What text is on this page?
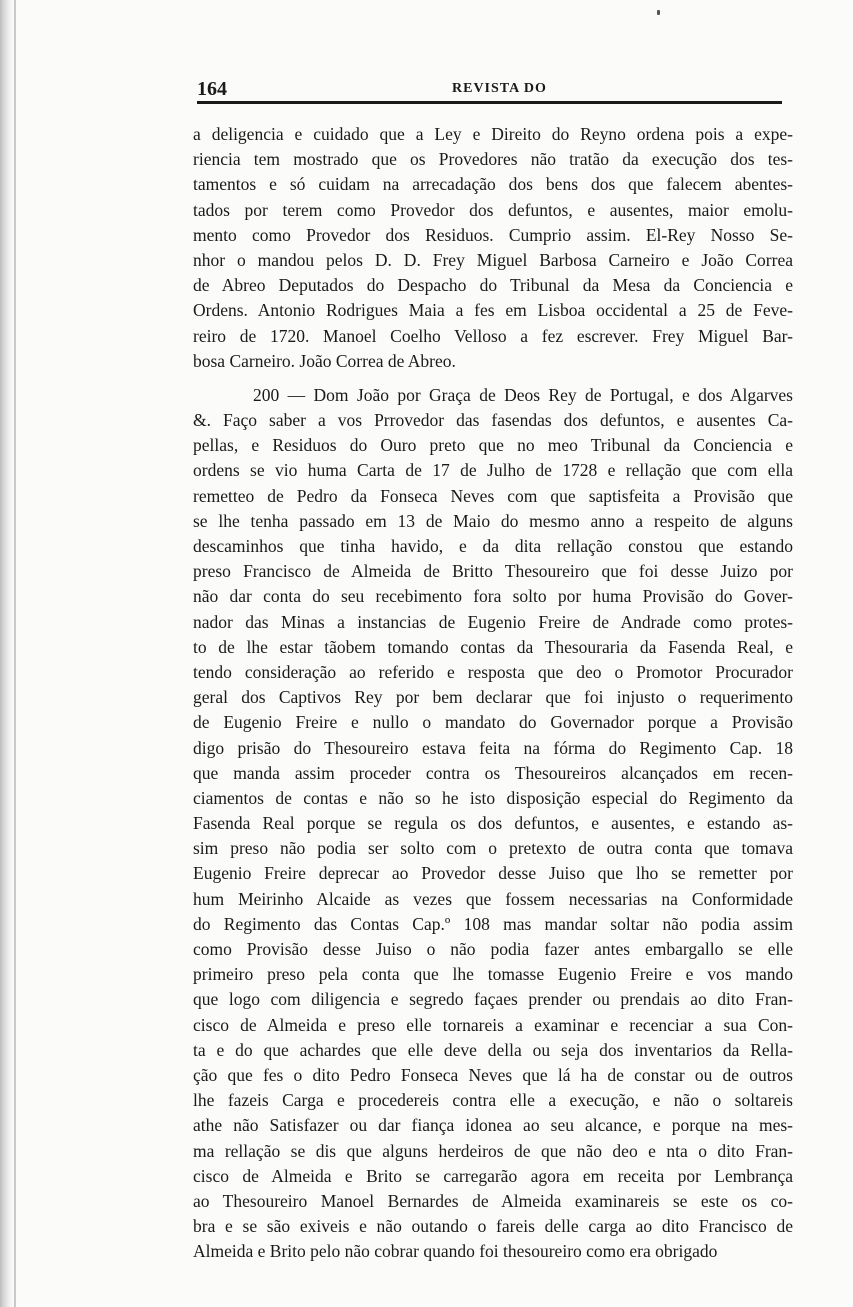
164	REVISTA DO
a deligencia e cuidado que a Ley e Direito do Reyno ordena pois a expe-
riencia tem mostrado que os Provedores não tratão da execução dos tes-
tamentos e só cuidam na arrecadação dos bens dos que falecem abentes-
tados por terem como Provedor dos defuntos, e ausentes, maior emolu-
mento como Provedor dos Residuos. Cumprio assim. El-Rey Nosso Se-
nhor o mandou pelos D. D. Frey Miguel Barbosa Carneiro e João Correa
de Abreo Deputados do Despacho do Tribunal da Mesa da Conciencia e
Ordens. Antonio Rodrigues Maia a fes em Lisboa occidental a 25 de Feve-
reiro de 1720. Manoel Coelho Velloso a fez escrever. Frey Miguel Bar-
bosa Carneiro. João Correa de Abreo.
200 — Dom João por Graça de Deos Rey de Portugal, e dos Algarves
&. Faço saber a vos Prrovedor das fasendas dos defuntos, e ausentes Ca-
pellas, e Residuos do Ouro preto que no meo Tribunal da Conciencia e
ordens se vio huma Carta de 17 de Julho de 1728 e rellação que com ella
remetteo de Pedro da Fonseca Neves com que saptisfeita a Provisão que
se lhe tenha passado em 13 de Maio do mesmo anno a respeito de alguns
descaminhos que tinha havido, e da dita rellação constou que estando
preso Francisco de Almeida de Britto Thesoureiro que foi desse Juizo por
não dar conta do seu recebimento fora solto por huma Provisão do Gover-
nador das Minas a instancias de Eugenio Freire de Andrade como protes-
to de lhe estar tãobem tomando contas da Thesouraria da Fasenda Real, e
tendo consideração ao referido e resposta que deo o Promotor Procurador
geral dos Captivos Rey por bem declarar que foi injusto o requerimento
de Eugenio Freire e nullo o mandato do Governador porque a Provisão
digo prisão do Thesoureiro estava feita na fórma do Regimento Cap. 18
que manda assim proceder contra os Thesoureiros alcançados em recen-
ciamentos de contas e não so he isto disposição especial do Regimento da
Fasenda Real porque se regula os dos defuntos, e ausentes, e estando as-
sim preso não podia ser solto com o pretexto de outra conta que tomava
Eugenio Freire deprecar ao Provedor desse Juiso que lho se remetter por
hum Meirinho Alcaide as vezes que fossem necessarias na Conformidade
do Regimento das Contas Cap.º 108 mas mandar soltar não podia assim
como Provisão desse Juiso o não podia fazer antes embargallo se elle
primeiro preso pela conta que lhe tomasse Eugenio Freire e vos mando
que logo com diligencia e segredo façaes prender ou prendais ao dito Fran-
cisco de Almeida e preso elle tornareis a examinar e recenciar a sua Con-
ta e do que achardes que elle deve della ou seja dos inventarios da Rella-
ção que fes o dito Pedro Fonseca Neves que lá ha de constar ou de outros
lhe fazeis Carga e procedereis contra elle a execução, e não o soltareis
athe não Satisfazer ou dar fiança idonea ao seu alcance, e porque na mes-
ma rellação se dis que alguns herdeiros de que não deo e nta o dito Fran-
cisco de Almeida e Brito se carregarão agora em receita por Lembrança
ao Thesoureiro Manoel Bernardes de Almeida examinareis se este os co-
bra e se são exiveis e não outando o fareis delle carga ao dito Francisco de
Almeida e Brito pelo não cobrar quando foi thesoureiro como era obrigado
